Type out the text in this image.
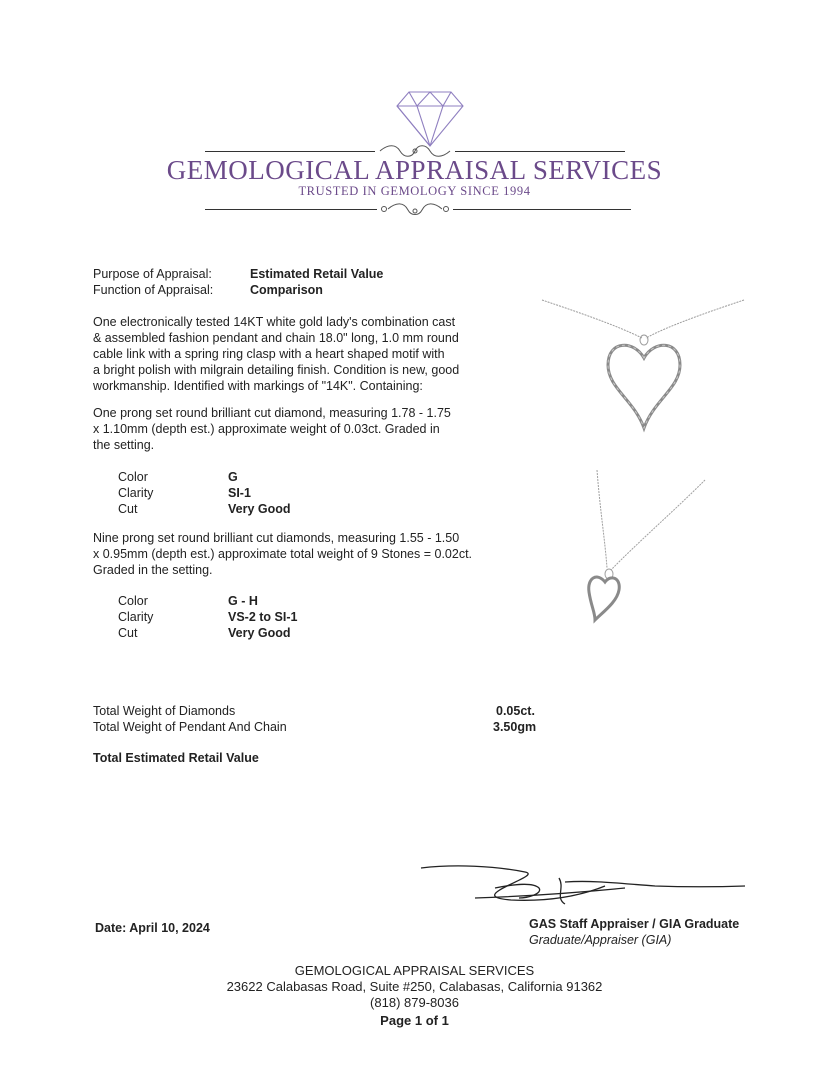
GEMOLOGICAL APPRAISAL SERVICES
TRUSTED IN GEMOLOGY SINCE 1994
Purpose of Appraisal:	Estimated Retail Value
Function of Appraisal:	Comparison
One electronically tested 14KT white gold lady's combination cast
& assembled fashion pendant and chain 18.0" long, 1.0 mm round
cable link with a spring ring clasp with a heart shaped motif with
a bright polish with milgrain detailing finish. Condition is new, good
workmanship. Identified with markings of "14K". Containing:
One prong set round brilliant cut diamond, measuring 1.78 - 1.75
x 1.10mm (depth est.) approximate weight of 0.03ct. Graded in
the setting.
Color	G
Clarity	SI-1
Cut	Very Good
Nine prong set round brilliant cut diamonds, measuring 1.55 - 1.50
x 0.95mm (depth est.) approximate total weight of 9 Stones = 0.02ct.
Graded in the setting.
Color	G - H
Clarity	VS-2 to SI-1
Cut	Very Good
Total Weight of Diamonds	0.05ct.
Total Weight of Pendant And Chain	3.50gm
Total Estimated Retail Value
Date: April 10, 2024	GAS Staff Appraiser / GIA Graduate
Graduate/Appraiser (GIA)
GEMOLOGICAL APPRAISAL SERVICES
23622 Calabasas Road, Suite #250, Calabasas, California 91362
(818) 879-8036
Page 1 of 1
